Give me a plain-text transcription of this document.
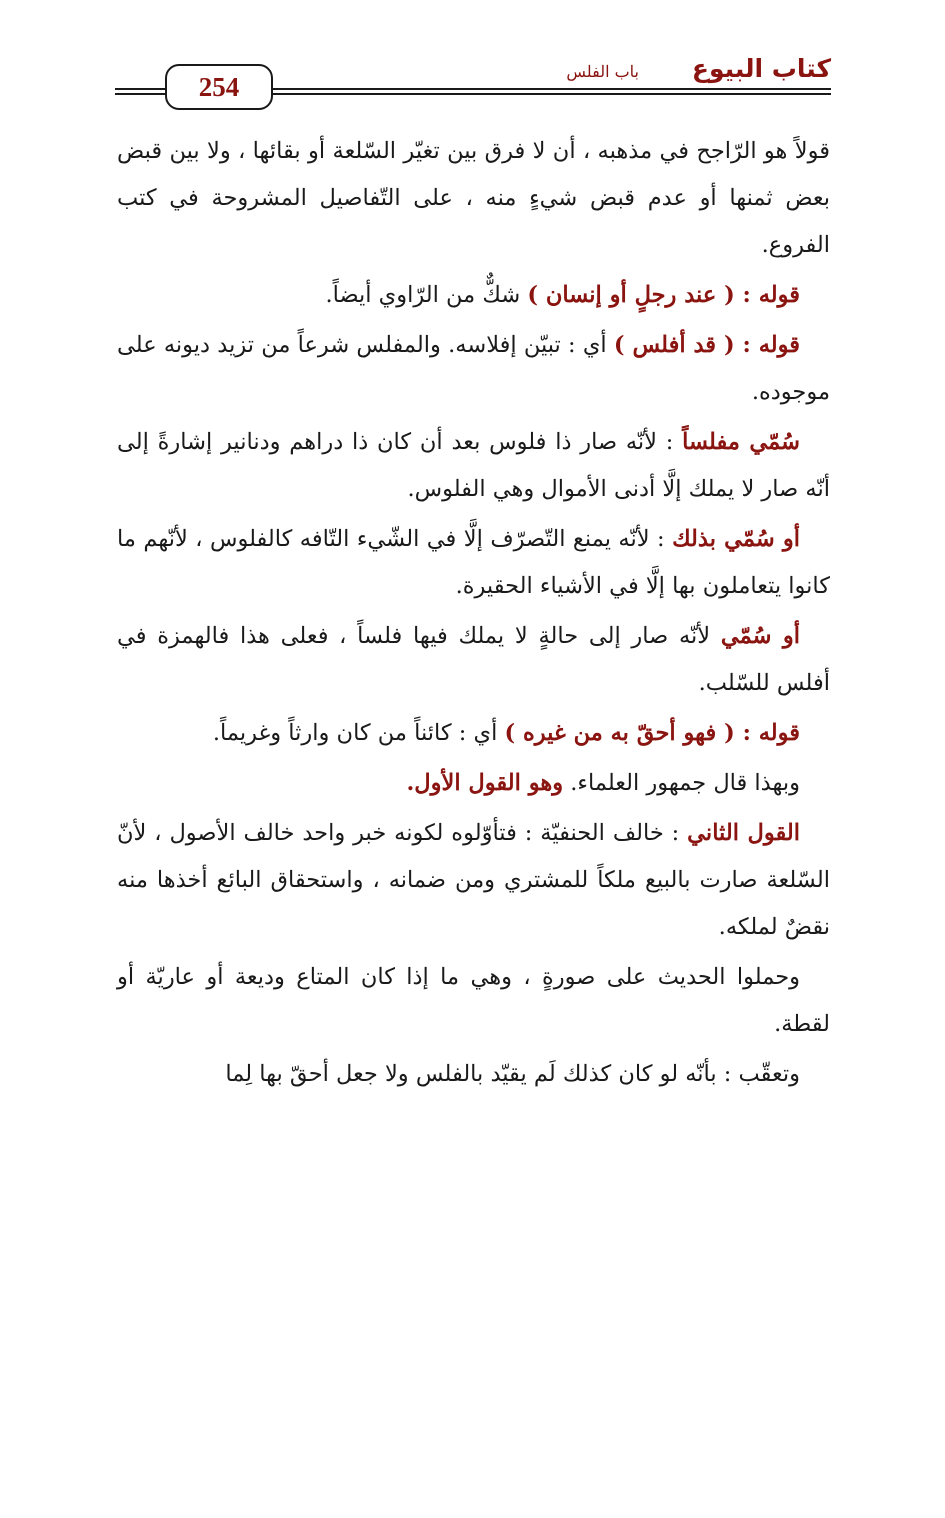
كتاب البيوع
باب الفلس
254

قولاً هو الرّاجح في مذهبه ، أن لا فرق بين تغيّر السّلعة أو بقائها ، ولا بين قبض بعض ثمنها أو عدم قبض شيءٍ منه ، على التّفاصيل المشروحة في كتب الفروع.

قوله : ( عند رجلٍ أو إنسان ) شكٌّ من الرّاوي أيضاً.

قوله : ( قد أفلس ) أي : تبيّن إفلاسه. والمفلس شرعاً من تزيد ديونه على موجوده.

سُمّي مفلساً : لأنّه صار ذا فلوس بعد أن كان ذا دراهم ودنانير إشارةً إلى أنّه صار لا يملك إلَّا أدنى الأموال وهي الفلوس.

أو سُمّي بذلك : لأنّه يمنع التّصرّف إلَّا في الشّيء التّافه كالفلوس ، لأنّهم ما كانوا يتعاملون بها إلَّا في الأشياء الحقيرة.

أو سُمّي لأنّه صار إلى حالةٍ لا يملك فيها فلساً ، فعلى هذا فالهمزة في أفلس للسّلب.

قوله : ( فهو أحقّ به من غيره ) أي : كائناً من كان وارثاً وغريماً.

وبهذا قال جمهور العلماء. وهو القول الأول.

القول الثاني : خالف الحنفيّة : فتأوّلوه لكونه خبر واحد خالف الأصول ، لأنّ السّلعة صارت بالبيع ملكاً للمشتري ومن ضمانه ، واستحقاق البائع أخذها منه نقضٌ لملكه.

وحملوا الحديث على صورةٍ ، وهي ما إذا كان المتاع وديعة أو عاريّة أو لقطة.

وتعقّب : بأنّه لو كان كذلك لَم يقيّد بالفلس ولا جعل أحقّ بها لِما
